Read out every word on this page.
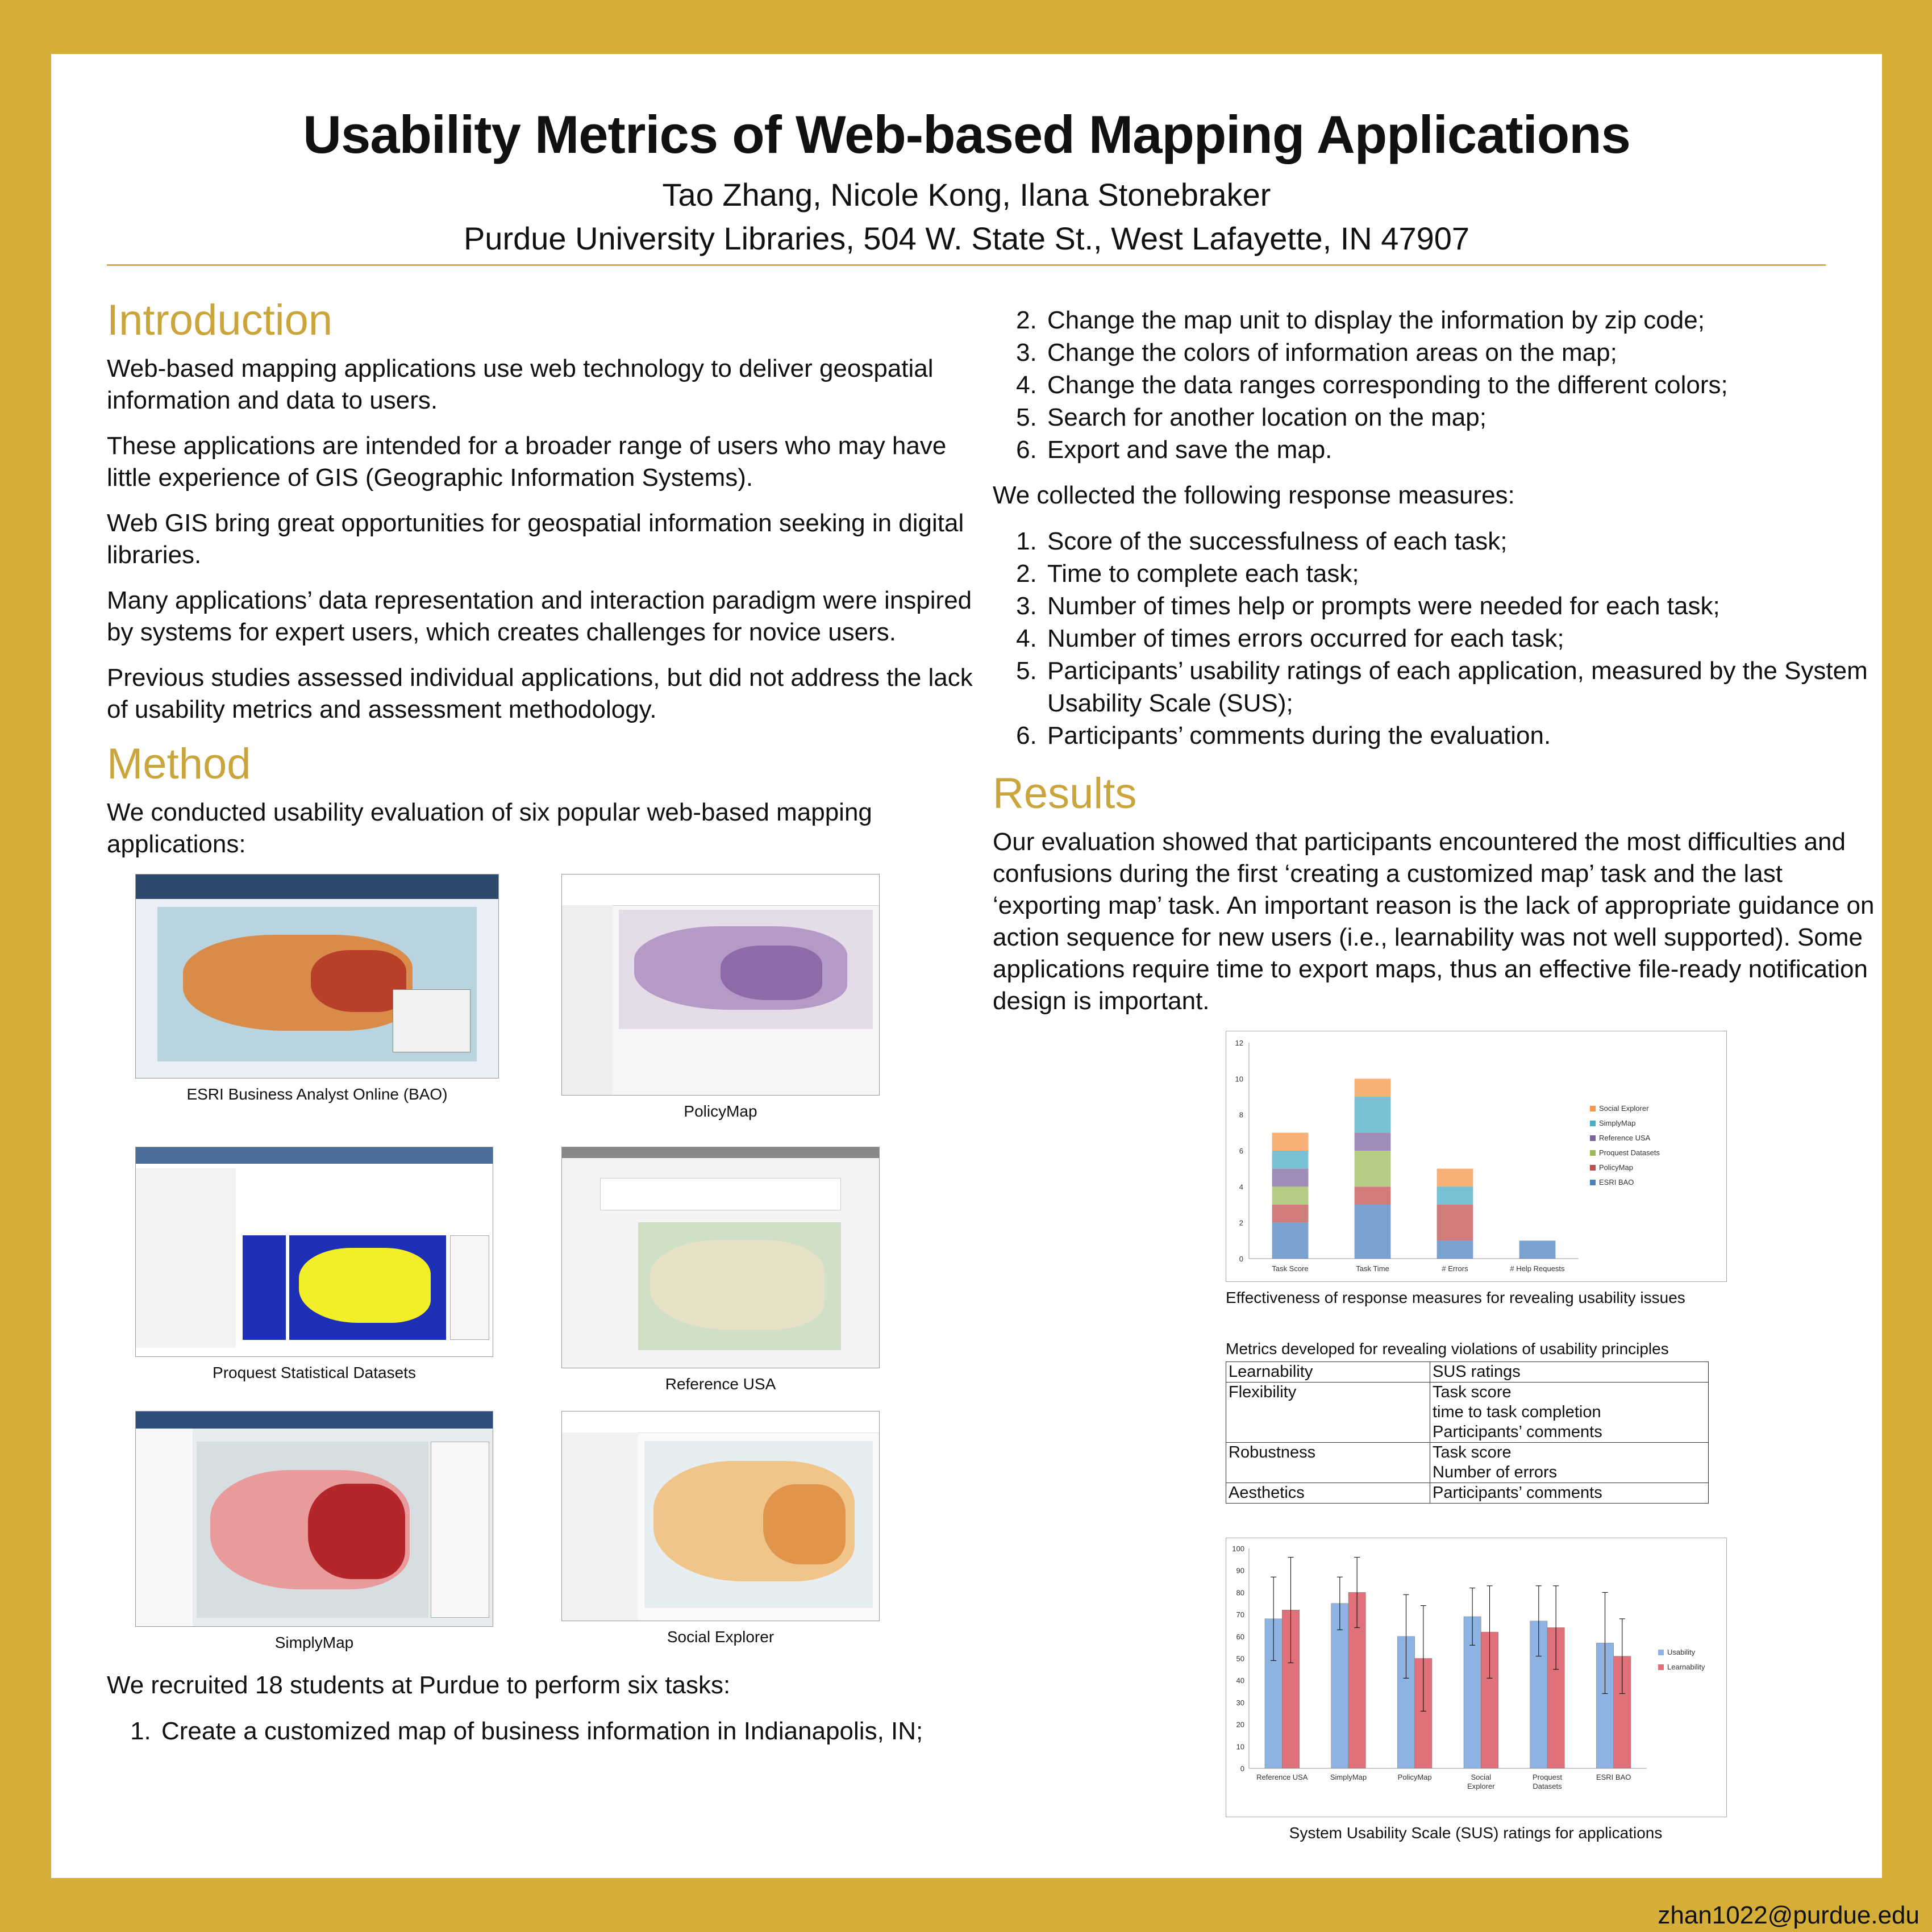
Usability Metrics of Web-based Mapping Applications
Tao Zhang, Nicole Kong, Ilana Stonebraker
Purdue University Libraries, 504 W. State St., West Lafayette, IN 47907
Introduction

Web-based mapping applications use web technology to deliver geospatial information and data to users.

These applications are intended for a broader range of users who may have little experience of GIS (Geographic Information Systems).

Web GIS bring great opportunities for geospatial information seeking in digital libraries.

Many applications’ data representation and interaction paradigm were inspired by systems for expert users, which creates challenges for novice users.

Previous studies assessed individual applications, but did not address the lack of usability metrics and assessment methodology.

Method

We conducted usability evaluation of six popular web-based mapping applications:

ESRI Business Analyst Online (BAO)
PolicyMap
Proquest Statistical Datasets
Reference USA
SimplyMap	Social Explorer

We recruited 18 students at Purdue to perform six tasks:

1. Create a customized map of business information in Indianapolis, IN;
2. Change the map unit to display the information by zip code;
3. Change the colors of information areas on the map;
4. Change the data ranges corresponding to the different colors;
5. Search for another location on the map;
6. Export and save the map.

We collected the following response measures:

1. Score of the successfulness of each task;
2. Time to complete each task;
3. Number of times help or prompts were needed for each task;
4. Number of times errors occurred for each task;
5. Participants’ usability ratings of each application, measured by the System Usability Scale (SUS);
6. Participants’ comments during the evaluation.
Results

Our evaluation showed that participants encountered the most difficulties and confusions during the first ‘creating a customized map’ task and the last ‘exporting map’ task. An important reason is the lack of appropriate guidance on action sequence for new users (i.e., learnability was not well supported). Some applications require time to export maps, thus an effective file-ready notification design is important.

0
2
4
6
8
10
12
Task Score	Task Time	# Errors	# Help Requests
Social Explorer
SimplyMap
Reference USA
Proquest Datasets
PolicyMap
ESRI BAO
Effectiveness of response measures for revealing usability issues
Metrics developed for revealing violations of usability principles
Learnability	SUS ratings

Flexibility	Task score
time to task completion
Participants’ comments

Robustness	Task score
Number of errors

Aesthetics	Participants’ comments
0
10
20
30
40
50
60
70
80
90
100
Reference USA	SimplyMap	PolicyMap	Social
Explorer
Proquest
Datasets
ESRI BAO
Usability
Learnability
System Usability Scale (SUS) ratings for applications
zhan1022@purdue.edu
